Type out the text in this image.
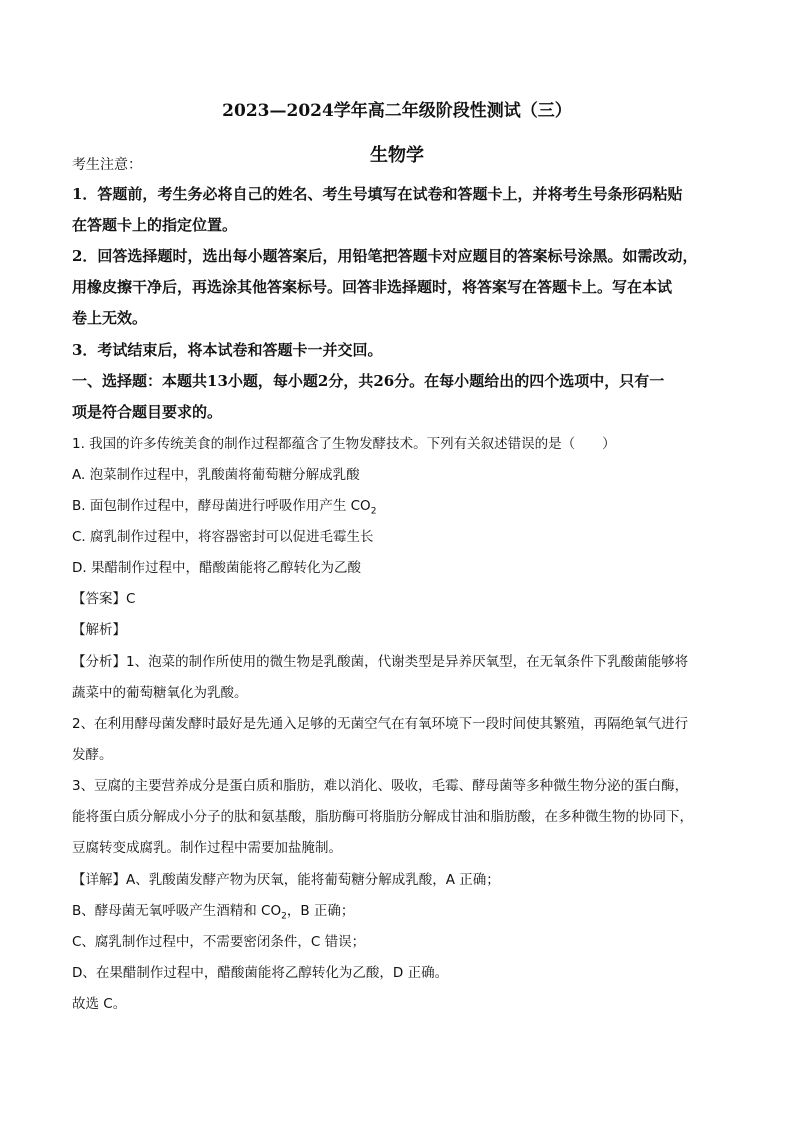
2023—2024学年高二年级阶段性测试（三）
生物学
考生注意：
1．答题前，考生务必将自己的姓名、考生号填写在试卷和答题卡上，并将考生号条形码粘贴
在答题卡上的指定位置。
2．回答选择题时，选出每小题答案后，用铅笔把答题卡对应题目的答案标号涂黑。如需改动，
用橡皮擦干净后，再选涂其他答案标号。回答非选择题时，将答案写在答题卡上。写在本试
卷上无效。
3．考试结束后，将本试卷和答题卡一并交回。
一、选择题：本题共13小题，每小题2分，共26分。在每小题给出的四个选项中，只有一
项是符合题目要求的。
1. 我国的许多传统美食的制作过程都蕴含了生物发酵技术。下列有关叙述错误的是（　　）
A. 泡菜制作过程中，乳酸菌将葡萄糖分解成乳酸
B. 面包制作过程中，酵母菌进行呼吸作用产生 $CO_2$
C. 腐乳制作过程中，将容器密封可以促进毛霉生长
D. 果醋制作过程中，醋酸菌能将乙醇转化为乙酸
【答案】C
【解析】
【分析】1、泡菜的制作所使用的微生物是乳酸菌，代谢类型是异养厌氧型，在无氧条件下乳酸菌能够将
蔬菜中的葡萄糖氧化为乳酸。
2、在利用酵母菌发酵时最好是先通入足够的无菌空气在有氧环境下一段时间使其繁殖，再隔绝氧气进行
发酵。
3、豆腐的主要营养成分是蛋白质和脂肪，难以消化、吸收，毛霉、酵母菌等多种微生物分泌的蛋白酶，
能将蛋白质分解成小分子的肽和氨基酸，脂肪酶可将脂肪分解成甘油和脂肪酸，在多种微生物的协同下，
豆腐转变成腐乳。制作过程中需要加盐腌制。
【详解】A、乳酸菌发酵产物为厌氧，能将葡萄糖分解成乳酸，A 正确；
B、酵母菌无氧呼吸产生酒精和 $CO_2$，B 正确；
C、腐乳制作过程中，不需要密闭条件，C 错误；
D、在果醋制作过程中，醋酸菌能将乙醇转化为乙酸，D 正确。
故选 C。
